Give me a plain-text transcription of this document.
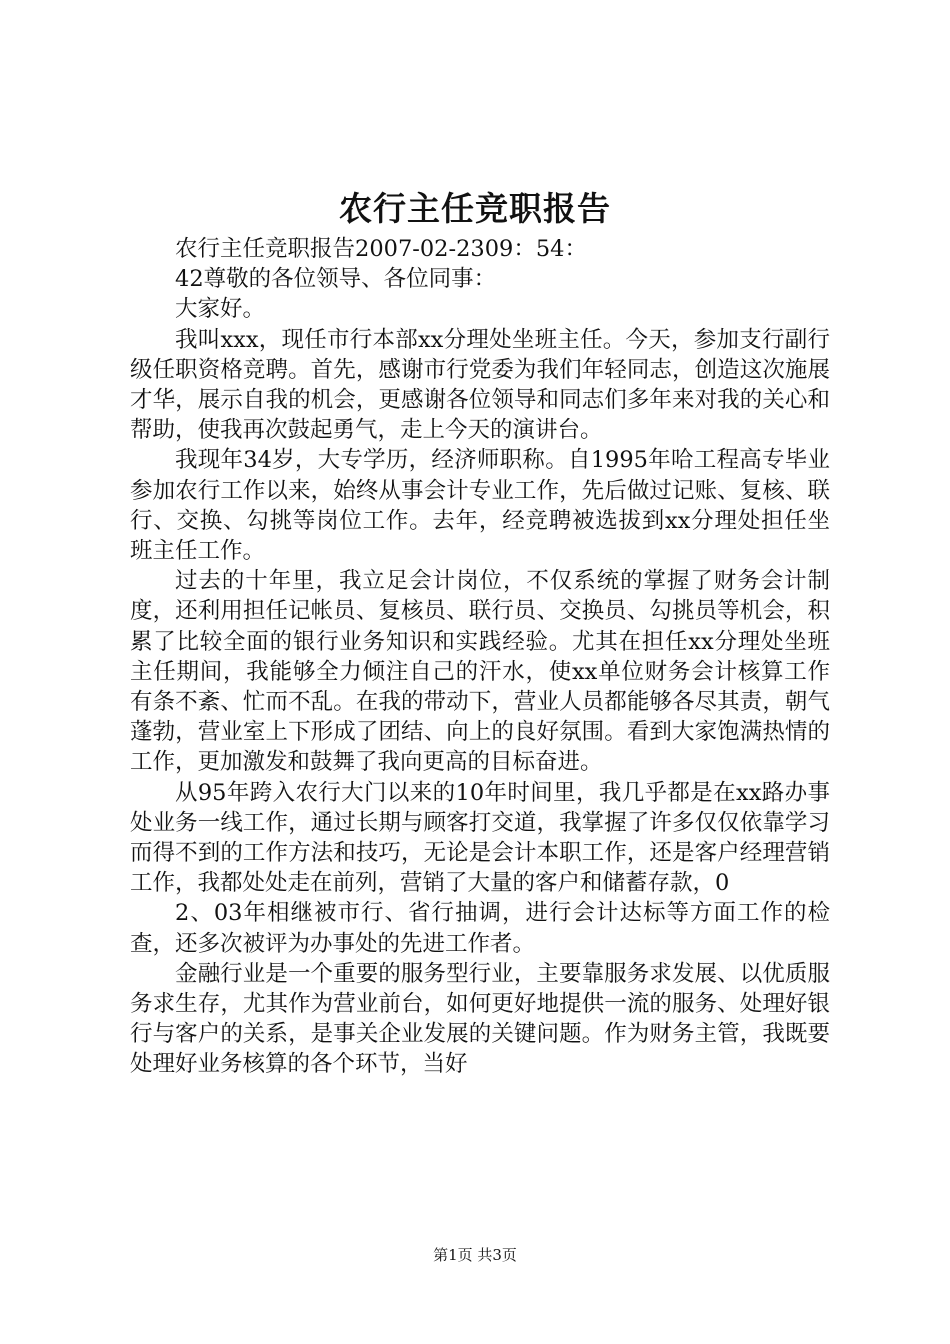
农行主任竞职报告

农行主任竞职报告2007-02-2309：54：

42尊敬的各位领导、各位同事：

大家好。

我叫xxx，现任市行本部xx分理处坐班主任。今天，参加支行副行级任职资格竞聘。首先，感谢市行党委为我们年轻同志，创造这次施展才华，展示自我的机会，更感谢各位领导和同志们多年来对我的关心和帮助，使我再次鼓起勇气，走上今天的演讲台。

我现年34岁，大专学历，经济师职称。自1995年哈工程高专毕业参加农行工作以来，始终从事会计专业工作，先后做过记账、复核、联行、交换、勾挑等岗位工作。去年，经竞聘被选拔到xx分理处担任坐班主任工作。

过去的十年里，我立足会计岗位，不仅系统的掌握了财务会计制度，还利用担任记帐员、复核员、联行员、交换员、勾挑员等机会，积累了比较全面的银行业务知识和实践经验。尤其在担任xx分理处坐班主任期间，我能够全力倾注自己的汗水，使xx单位财务会计核算工作有条不紊、忙而不乱。在我的带动下，营业人员都能够各尽其责，朝气蓬勃，营业室上下形成了团结、向上的良好氛围。看到大家饱满热情的工作，更加激发和鼓舞了我向更高的目标奋进。

从95年跨入农行大门以来的10年时间里，我几乎都是在xx路办事处业务一线工作，通过长期与顾客打交道，我掌握了许多仅仅依靠学习而得不到的工作方法和技巧，无论是会计本职工作，还是客户经理营销工作，我都处处走在前列，营销了大量的客户和储蓄存款，0

2、03年相继被市行、省行抽调，进行会计达标等方面工作的检查，还多次被评为办事处的先进工作者。

金融行业是一个重要的服务型行业，主要靠服务求发展、以优质服务求生存，尤其作为营业前台，如何更好地提供一流的服务、处理好银行与客户的关系，是事关企业发展的关键问题。作为财务主管，我既要处理好业务核算的各个环节，当好

第1页 共3页
